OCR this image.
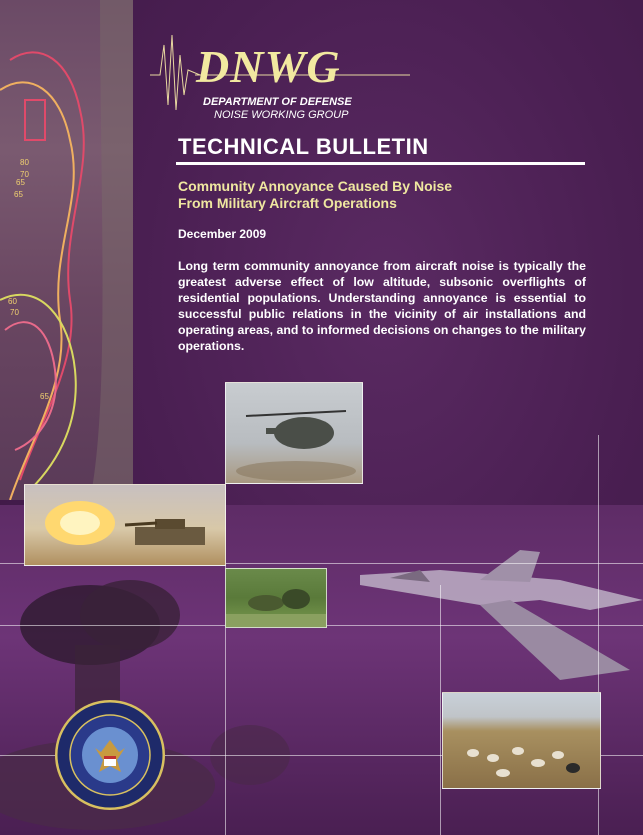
80
70
65
60
70
65
65
DNWG
DEPARTMENT OF DEFENSE
NOISE WORKING GROUP
TECHNICAL BULLETIN
Community Annoyance Caused By Noise
From Military Aircraft Operations
December 2009
Long term community annoyance from aircraft noise is typically the greatest adverse effect of low altitude, subsonic overflights of residential populations. Understanding annoyance is essential to successful public relations in the vicinity of air installations and operating areas, and to informed decisions on changes to the military operations.
